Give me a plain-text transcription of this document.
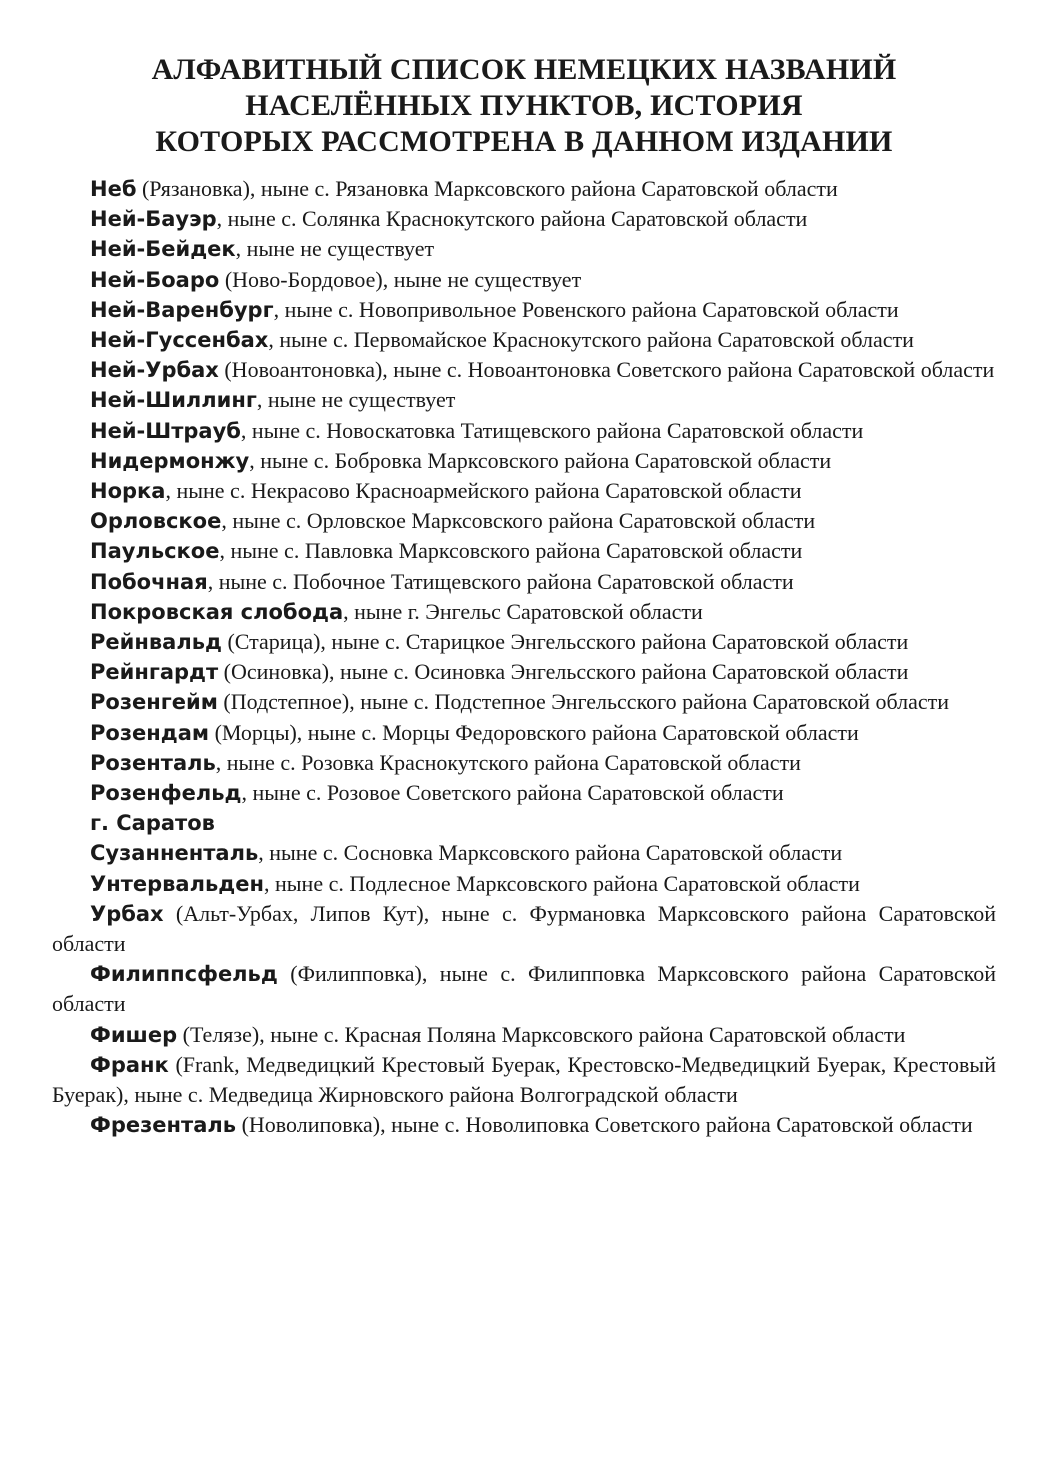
АЛФАВИТНЫЙ СПИСОК НЕМЕЦКИХ НАЗВАНИЙ
НАСЕЛЁННЫХ ПУНКТОВ, ИСТОРИЯ
КОТОРЫХ РАССМОТРЕНА В ДАННОМ ИЗДАНИИ

Неб (Рязановка), ныне с. Рязановка Марксовского района Саратовской области

Ней-Бауэр, ныне с. Солянка Краснокутского района Саратовской области

Ней-Бейдек, ныне не существует

Ней-Боаро (Ново-Бордовое), ныне не существует

Ней-Варенбург, ныне с. Новопривольное Ровенского района Саратовской области

Ней-Гуссенбах, ныне с. Первомайское Краснокутского района Саратовской области

Ней-Урбах (Новоантоновка), ныне с. Новоантоновка Советского района Саратовской области

Ней-Шиллинг, ныне не существует

Ней-Штрауб, ныне с. Новоскатовка Татищевского района Саратовской области

Нидермонжу, ныне с. Бобровка Марксовского района Саратовской области

Норка, ныне с. Некрасово Красноармейского района Саратовской области

Орловское, ныне с. Орловское Марксовского района Саратовской области

Паульское, ныне с. Павловка Марксовского района Саратовской области

Побочная, ныне с. Побочное Татищевского района Саратовской области

Покровская слобода, ныне г. Энгельс Саратовской области

Рейнвальд (Старица), ныне с. Старицкое Энгельсского района Саратовской области

Рейнгардт (Осиновка), ныне с. Осиновка Энгельсского района Саратовской области

Розенгейм (Подстепное), ныне с. Подстепное Энгельсского района Саратовской области

Розендам (Морцы), ныне с. Морцы Федоровского района Саратовской области

Розенталь, ныне с. Розовка Краснокутского района Саратовской области

Розенфельд, ныне с. Розовое Советского района Саратовской области

г. Саратов

Сузанненталь, ныне с. Сосновка Марксовского района Саратовской области

Унтервальден, ныне с. Подлесное Марксовского района Саратовской области

Урбах (Альт-Урбах, Липов Кут), ныне с. Фурмановка Марксовского района Саратовской области

Филиппсфельд (Филипповка), ныне с. Филипповка Марксовского района Саратовской области

Фишер (Телязе), ныне с. Красная Поляна Марксовского района Саратовской области

Франк (Frank, Медведицкий Крестовый Буерак, Крестовско-Медведицкий Буерак, Крестовый Буерак), ныне с. Медведица Жирновского района Волгоградской области

Фрезенталь (Новолиповка), ныне с. Новолиповка Советского района Саратовской области
